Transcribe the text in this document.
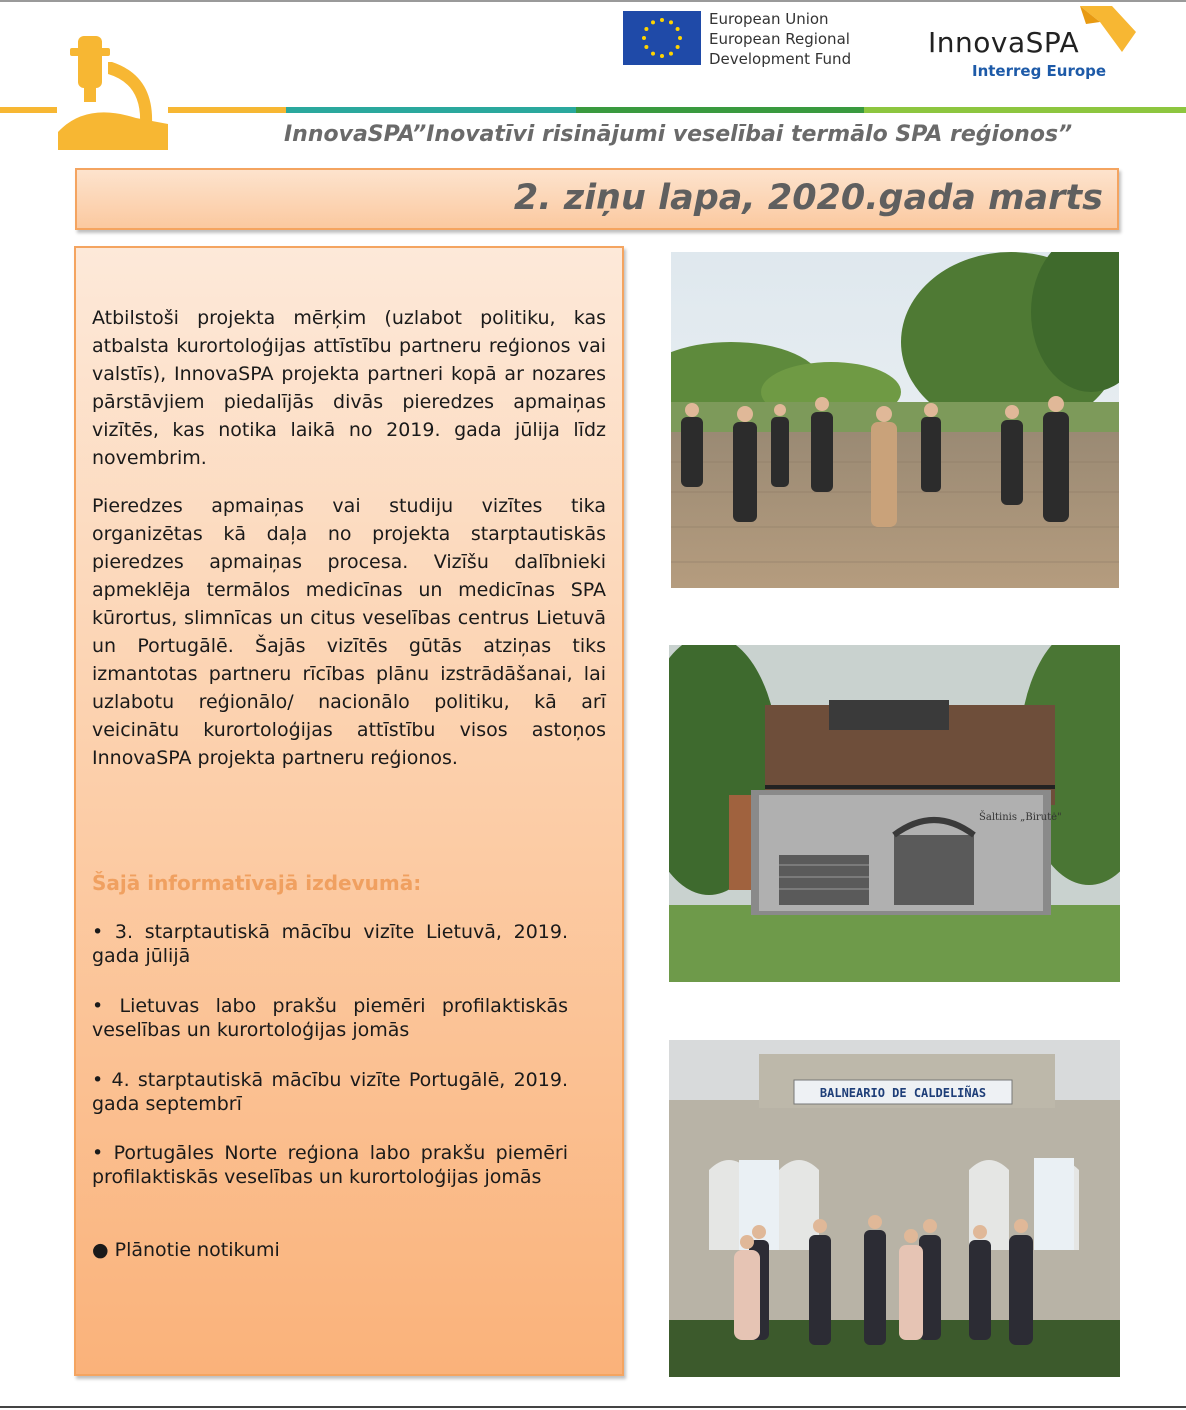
European Union
European Regional
Development Fund	InnovaSPA
Interreg Europe
InnovaSPA”Inovatīvi risinājumi veselībai termālo SPA reģionos”
2. ziņu lapa, 2020.gada marts
Atbilstoši projekta mērķim (uzlabot politiku, kas atbalsta kurortoloģijas attīstību partneru reģionos vai valstīs), InnovaSPA projekta partneri kopā ar nozares pārstāvjiem piedalījās divās pieredzes apmaiņas vizītēs, kas notika laikā no 2019. gada jūlija līdz novembrim.
Pieredzes apmaiņas vai studiju vizītes tika organizētas kā daļa no projekta starptautiskās pieredzes apmaiņas procesa. Vizīšu dalībnieki apmeklēja termālos medicīnas un medicīnas SPA kūrortus, slimnīcas un citus veselības centrus Lietuvā un Portugālē. Šajās vizītēs gūtās atziņas tiks izmantotas partneru rīcības plānu izstrādāšanai, lai uzlabotu reģionālo/ nacionālo politiku, kā arī veicinātu kurortoloģijas attīstību visos astoņos InnovaSPA projekta partneru reģionos.
Šajā informatīvajā izdevumā:
• 3. starptautiskā mācību vizīte Lietuvā, 2019. gada jūlijā
• Lietuvas labo prakšu piemēri profilaktiskās veselības un kurortoloģijas jomās
• 4. starptautiskā mācību vizīte Portugālē, 2019. gada septembrī
• Portugāles Norte reģiona labo prakšu piemēri profilaktiskās veselības un kurortoloģijas jomās
● Plānotie notikumi
Šaltinis „Birutė"
BALNEARIO DE CALDELIÑAS
